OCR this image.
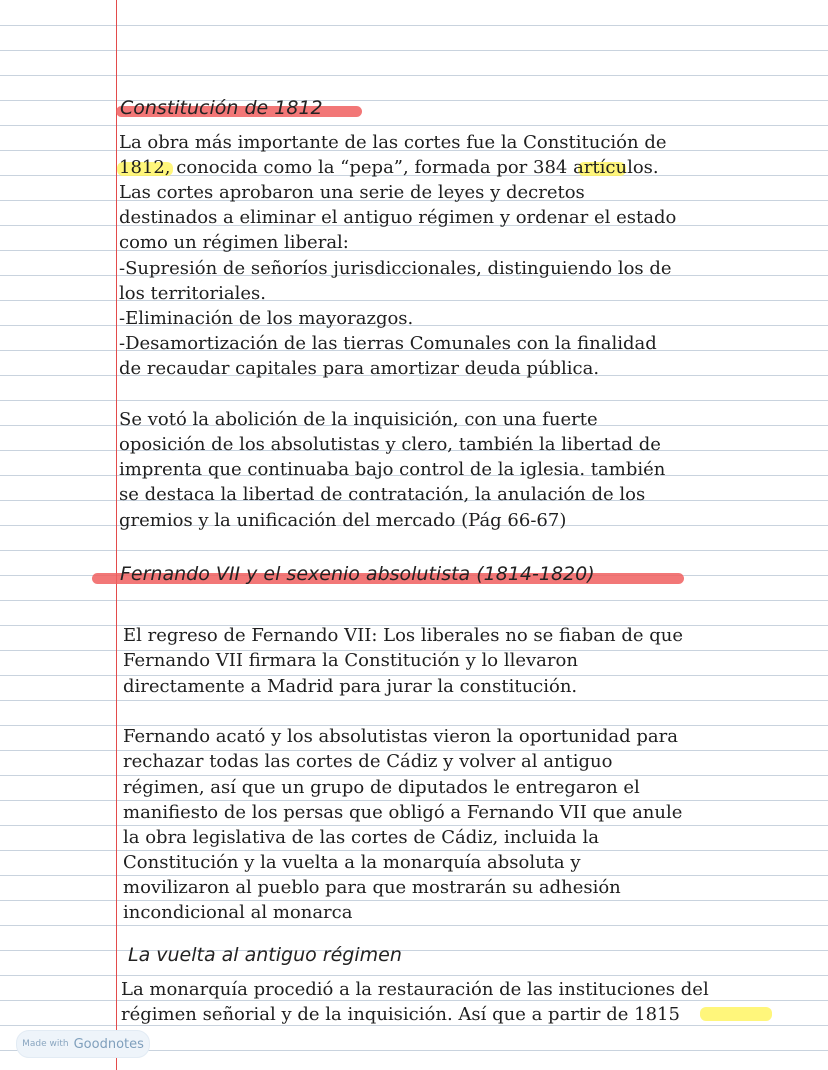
Constitución de 1812
La obra más importante de las cortes fue la Constitución de
1812, conocida como la “pepa”, formada por 384 artículos.
Las cortes aprobaron una serie de leyes y decretos
destinados a eliminar el antiguo régimen y ordenar el estado
como un régimen liberal:
-Supresión de señoríos jurisdiccionales, distinguiendo los de
los territoriales.
-Eliminación de los mayorazgos.
-Desamortización de las tierras Comunales con la finalidad
de recaudar capitales para amortizar deuda pública.
Se votó la abolición de la inquisición, con una fuerte
oposición de los absolutistas y clero, también la libertad de
imprenta que continuaba bajo control de la iglesia. también
se destaca la libertad de contratación, la anulación de los
gremios y la unificación del mercado (Pág 66-67)
Fernando VII y el sexenio absolutista (1814-1820)
El regreso de Fernando VII: Los liberales no se fiaban de que
Fernando VII firmara la Constitución y lo llevaron
directamente a Madrid para jurar la constitución.
Fernando acató y los absolutistas vieron la oportunidad para
rechazar todas las cortes de Cádiz y volver al antiguo
régimen, así que un grupo de diputados le entregaron el
manifiesto de los persas que obligó a Fernando VII que anule
la obra legislativa de las cortes de Cádiz, incluida la
Constitución y la vuelta a la monarquía absoluta y
movilizaron al pueblo para que mostrarán su adhesión
incondicional al monarca
La vuelta al antiguo régimen
La monarquía procedió a la restauración de las instituciones del
régimen señorial y de la inquisición. Así que a partir de 1815
Made with Goodnotes
